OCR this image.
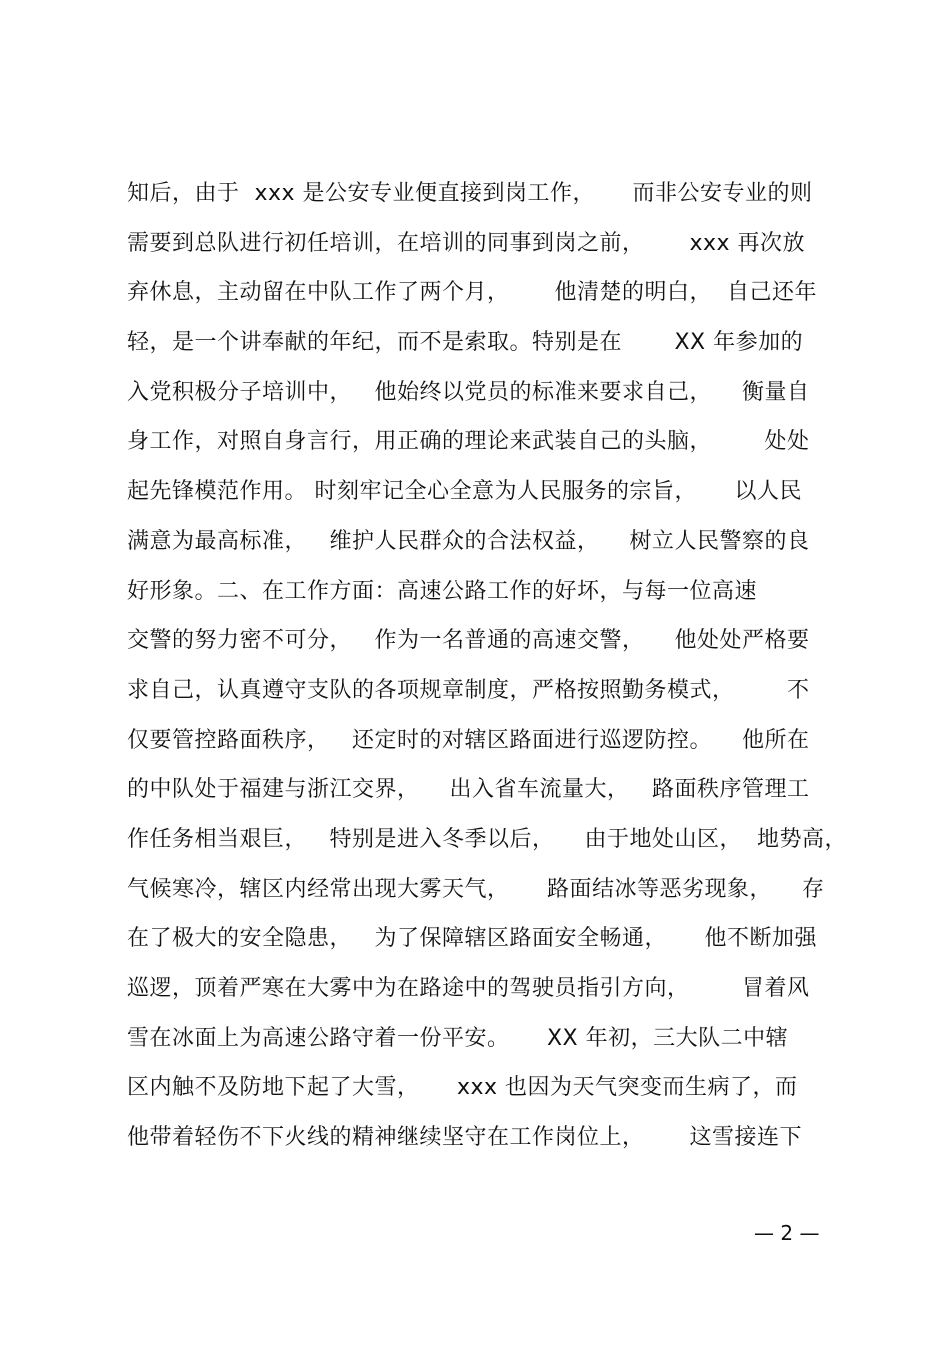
知后，由于  xxx 是公安专业便直接到岗工作，     而非公安专业的则
需要到总队进行初任培训，在培训的同事到岗之前，      xxx 再次放
弃休息，主动留在中队工作了两个月，      他清楚的明白，  自己还年
轻，是一个讲奉献的年纪，而不是索取。特别是在       XX 年参加的
入党积极分子培训中，   他始终以党员的标准来要求自己，    衡量自
身工作，对照自身言行，用正确的理论来武装自己的头脑，       处处
起先锋模范作用。 时刻牢记全心全意为人民服务的宗旨，     以人民
满意为最高标准，   维护人民群众的合法权益，    树立人民警察的良
好形象。二、在工作方面：高速公路工作的好坏，与每一位高速
交警的努力密不可分，   作为一名普通的高速交警，    他处处严格要
求自己，认真遵守支队的各项规章制度，严格按照勤务模式，       不
仅要管控路面秩序，   还定时的对辖区路面进行巡逻防控。    他所在
的中队处于福建与浙江交界，    出入省车流量大，   路面秩序管理工
作任务相当艰巨，   特别是进入冬季以后，    由于地处山区，  地势高，
气候寒冷，辖区内经常出现大雾天气，     路面结冰等恶劣现象，    存
在了极大的安全隐患，   为了保障辖区路面安全畅通，     他不断加强
巡逻，顶着严寒在大雾中为在路途中的驾驶员指引方向，       冒着风
雪在冰面上为高速公路守着一份平安。     XX 年初，三大队二中辖
区内触不及防地下起了大雪，     xxx 也因为天气突变而生病了，而
他带着轻伤不下火线的精神继续坚守在工作岗位上，      这雪接连下
— 2 —
